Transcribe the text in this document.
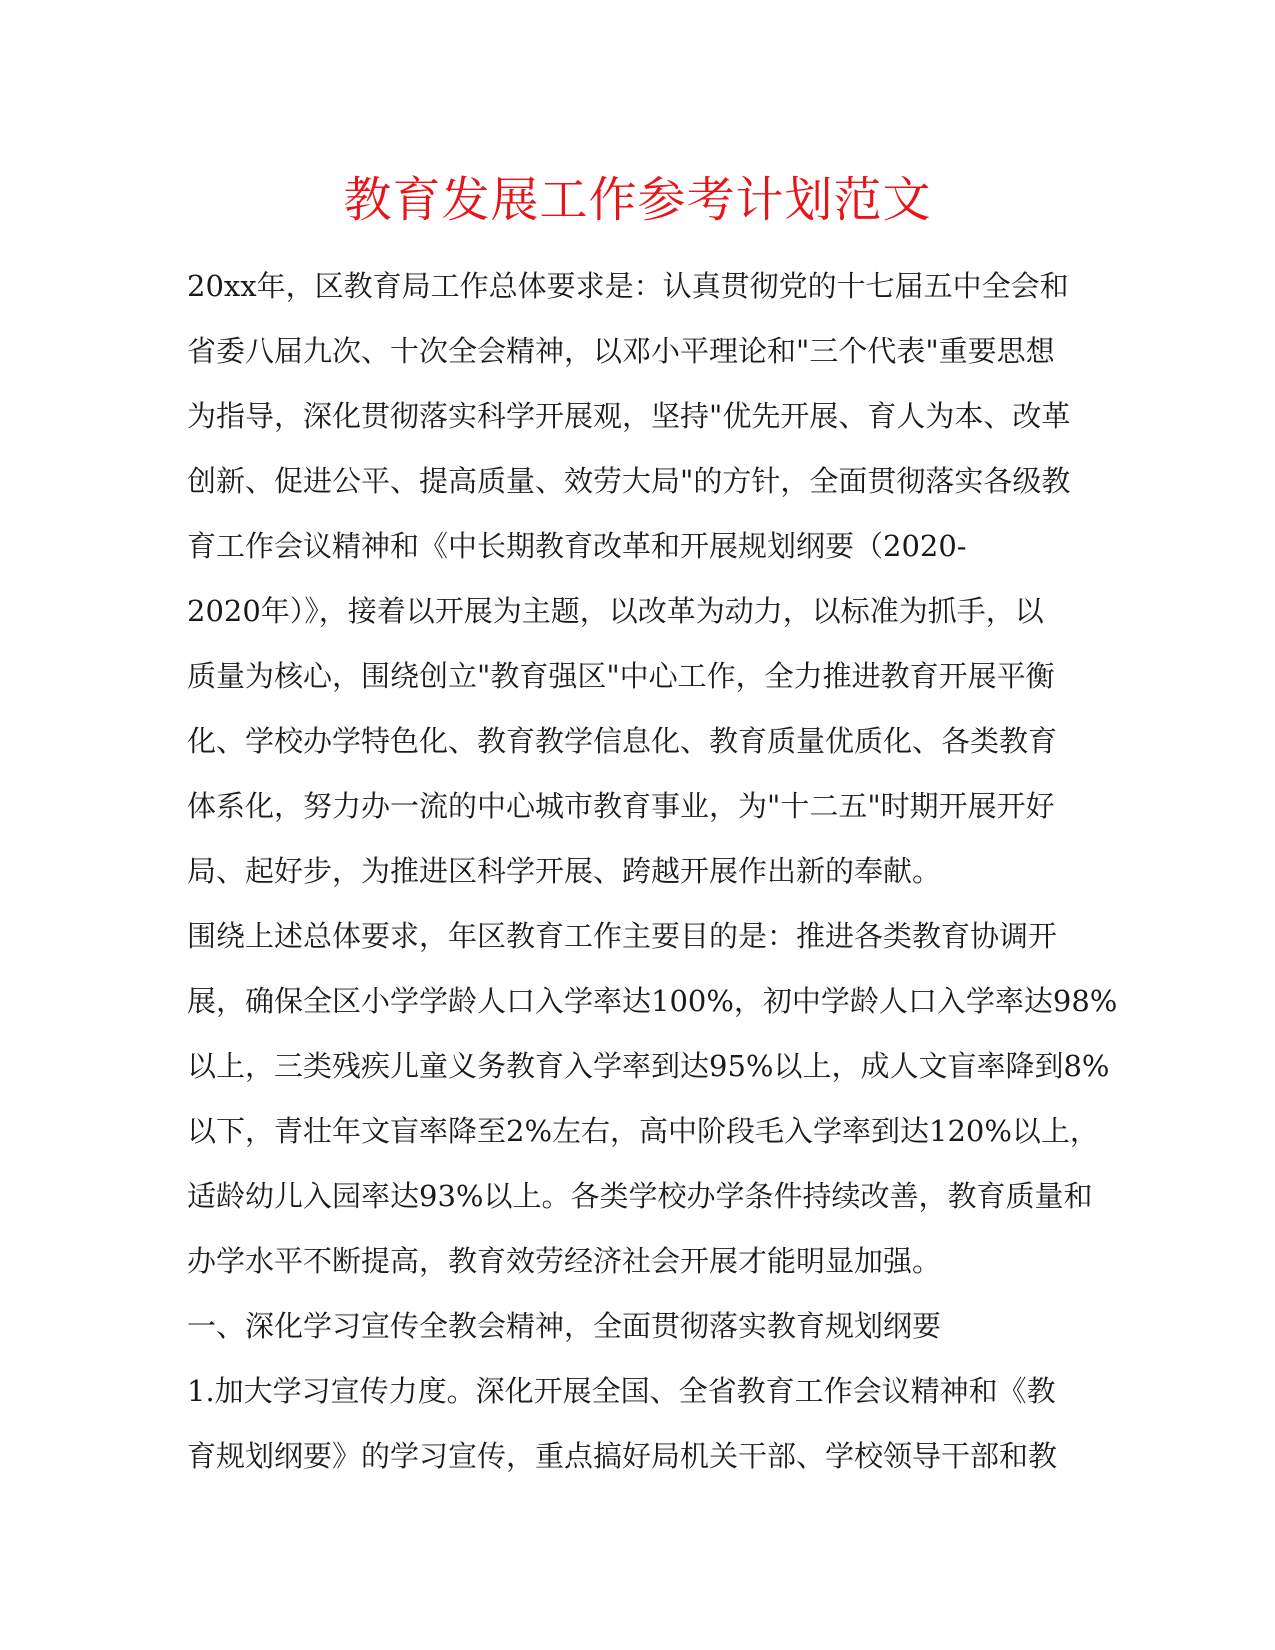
教育发展工作参考计划范文
20xx年，区教育局工作总体要求是：认真贯彻党的十七届五中全会和
省委八届九次、十次全会精神，以邓小平理论和"三个代表"重要思想
为指导，深化贯彻落实科学开展观，坚持"优先开展、育人为本、改革
创新、促进公平、提高质量、效劳大局"的方针，全面贯彻落实各级教
育工作会议精神和《中长期教育改革和开展规划纲要（2020-
2020年）》，接着以开展为主题，以改革为动力，以标准为抓手，以
质量为核心，围绕创立"教育强区"中心工作，全力推进教育开展平衡
化、学校办学特色化、教育教学信息化、教育质量优质化、各类教育
体系化，努力办一流的中心城市教育事业，为"十二五"时期开展开好
局、起好步，为推进区科学开展、跨越开展作出新的奉献。
围绕上述总体要求，年区教育工作主要目的是：推进各类教育协调开
展，确保全区小学学龄人口入学率达100%，初中学龄人口入学率达98%
以上，三类残疾儿童义务教育入学率到达95%以上，成人文盲率降到8%
以下，青壮年文盲率降至2%左右，高中阶段毛入学率到达120%以上，
适龄幼儿入园率达93%以上。各类学校办学条件持续改善，教育质量和
办学水平不断提高，教育效劳经济社会开展才能明显加强。
一、深化学习宣传全教会精神，全面贯彻落实教育规划纲要
1.加大学习宣传力度。深化开展全国、全省教育工作会议精神和《教
育规划纲要》的学习宣传，重点搞好局机关干部、学校领导干部和教
